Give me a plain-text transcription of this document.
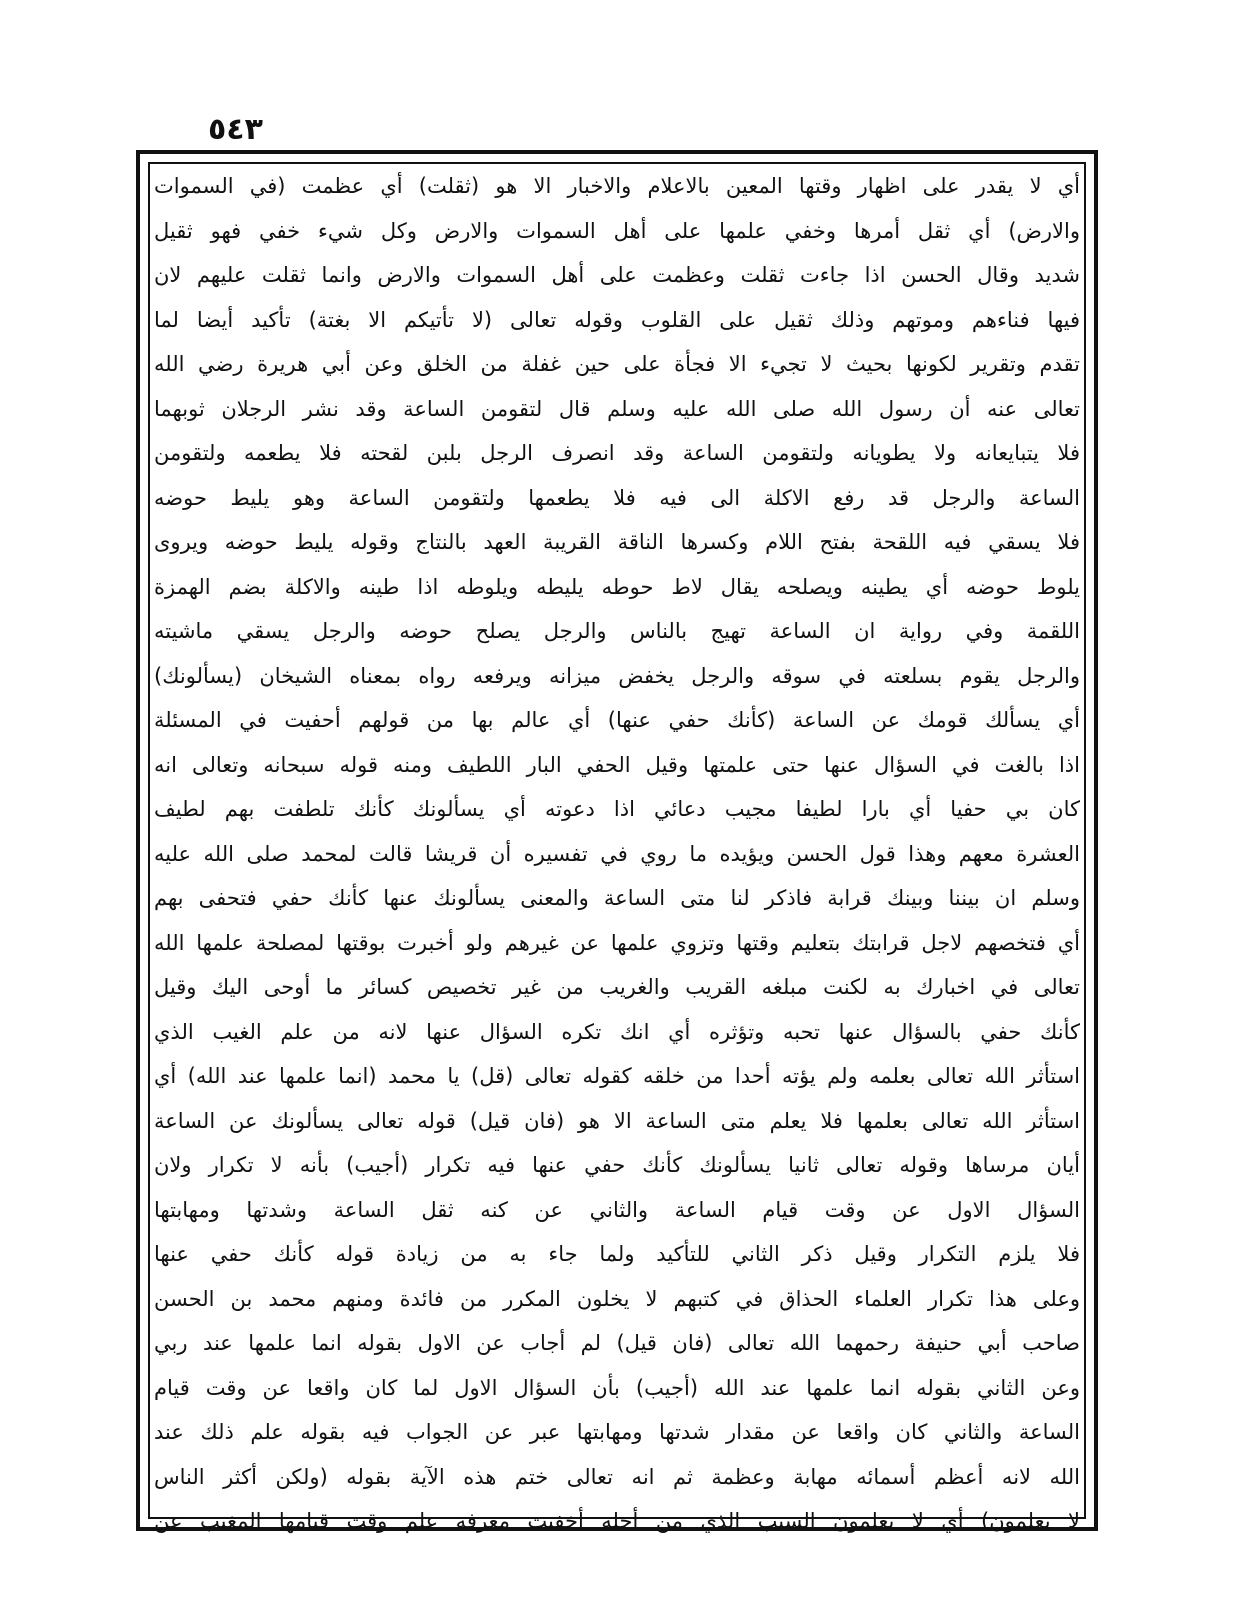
٥٤٣
أي لا يقدر على اظهار وقتها المعين بالاعلام والاخبار الا هو (ثقلت) أي عظمت (في السموات
والارض) أي ثقل أمرها وخفي علمها على أهل السموات والارض وكل شيء خفي فهو ثقيل
شديد وقال الحسن اذا جاءت ثقلت وعظمت على أهل السموات والارض وانما ثقلت عليهم لان
فيها فناءهم وموتهم وذلك ثقيل على القلوب وقوله تعالى (لا تأتيكم الا بغتة) تأكيد أيضا لما
تقدم وتقرير لكونها بحيث لا تجيء الا فجأة على حين غفلة من الخلق وعن أبي هريرة رضي الله
تعالى عنه أن رسول الله صلى الله عليه وسلم قال لتقومن الساعة وقد نشر الرجلان ثوبهما
فلا يتبايعانه ولا يطويانه ولتقومن الساعة وقد انصرف الرجل بلبن لقحته فلا يطعمه ولتقومن
الساعة والرجل قد رفع الاكلة الى فيه فلا يطعمها ولتقومن الساعة وهو يليط حوضه
فلا يسقي فيه اللقحة بفتح اللام وكسرها الناقة القريبة العهد بالنتاج وقوله يليط حوضه ويروى
يلوط حوضه أي يطينه ويصلحه يقال لاط حوطه يليطه ويلوطه اذا طينه والاكلة بضم الهمزة
اللقمة وفي رواية ان الساعة تهيج بالناس والرجل يصلح حوضه والرجل يسقي ماشيته
والرجل يقوم بسلعته في سوقه والرجل يخفض ميزانه ويرفعه رواه بمعناه الشيخان (يسألونك)
أي يسألك قومك عن الساعة (كأنك حفي عنها) أي عالم بها من قولهم أحفيت في المسئلة
اذا بالغت في السؤال عنها حتى علمتها وقيل الحفي البار اللطيف ومنه قوله سبحانه وتعالى انه
كان بي حفيا أي بارا لطيفا مجيب دعائي اذا دعوته أي يسألونك كأنك تلطفت بهم لطيف
العشرة معهم وهذا قول الحسن ويؤيده ما روي في تفسيره أن قريشا قالت لمحمد صلى الله عليه
وسلم ان بيننا وبينك قرابة فاذكر لنا متى الساعة والمعنى يسألونك عنها كأنك حفي فتحفى بهم
أي فتخصهم لاجل قرابتك بتعليم وقتها وتزوي علمها عن غيرهم ولو أخبرت بوقتها لمصلحة علمها الله
تعالى في اخبارك به لكنت مبلغه القريب والغريب من غير تخصيص كسائر ما أوحى اليك وقيل
كأنك حفي بالسؤال عنها تحبه وتؤثره أي انك تكره السؤال عنها لانه من علم الغيب الذي
استأثر الله تعالى بعلمه ولم يؤته أحدا من خلقه كقوله تعالى (قل) يا محمد (انما علمها عند الله) أي
استأثر الله تعالى بعلمها فلا يعلم متى الساعة الا هو (فان قيل) قوله تعالى يسألونك عن الساعة
أيان مرساها وقوله تعالى ثانيا يسألونك كأنك حفي عنها فيه تكرار (أجيب) بأنه لا تكرار ولان
السؤال الاول عن وقت قيام الساعة والثاني عن كنه ثقل الساعة وشدتها ومهابتها
فلا يلزم التكرار وقيل ذكر الثاني للتأكيد ولما جاء به من زيادة قوله كأنك حفي عنها
وعلى هذا تكرار العلماء الحذاق في كتبهم لا يخلون المكرر من فائدة ومنهم محمد بن الحسن
صاحب أبي حنيفة رحمهما الله تعالى (فان قيل) لم أجاب عن الاول بقوله انما علمها عند ربي
وعن الثاني بقوله انما علمها عند الله (أجيب) بأن السؤال الاول لما كان واقعا عن وقت قيام
الساعة والثاني كان واقعا عن مقدار شدتها ومهابتها عبر عن الجواب فيه بقوله علم ذلك عند
الله لانه أعظم أسمائه مهابة وعظمة ثم انه تعالى ختم هذه الآية بقوله (ولكن أكثر الناس
لا يعلمون) أي لا يعلمون السبب الذي من أجله أخفيت معرفة علم وقت قيامها المغيب عن
